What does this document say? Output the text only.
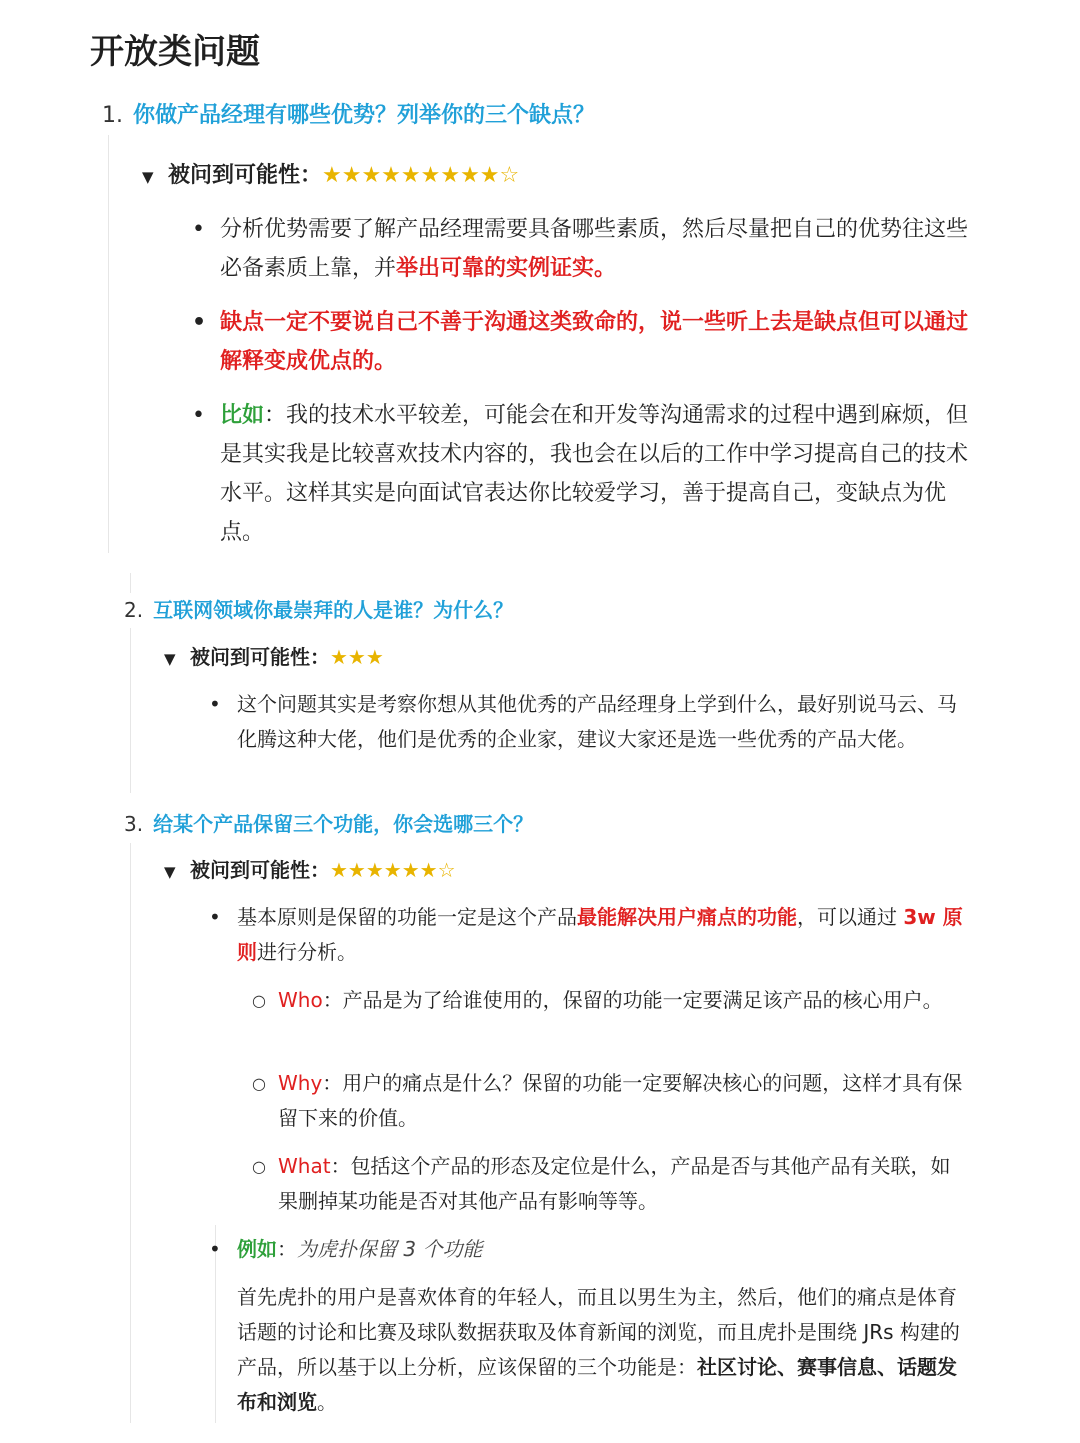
开放类问题
1. 你做产品经理有哪些优势？列举你的三个缺点？
▼ 被问到可能性：★★★★★★★★★☆
• 分析优势需要了解产品经理需要具备哪些素质，然后尽量把自己的优势往这些必备素质上靠，并举出可靠的实例证实。
• 缺点一定不要说自己不善于沟通这类致命的，说一些听上去是缺点但可以通过解释变成优点的。
• 比如：我的技术水平较差，可能会在和开发等沟通需求的过程中遇到麻烦，但是其实我是比较喜欢技术内容的，我也会在以后的工作中学习提高自己的技术水平。这样其实是向面试官表达你比较爱学习，善于提高自己，变缺点为优点。
2. 互联网领域你最崇拜的人是谁？为什么？
▼ 被问到可能性：★★★
• 这个问题其实是考察你想从其他优秀的产品经理身上学到什么，最好别说马云、马化腾这种大佬，他们是优秀的企业家，建议大家还是选一些优秀的产品大佬。
3. 给某个产品保留三个功能，你会选哪三个？
▼ 被问到可能性：★★★★★★☆
• 基本原则是保留的功能一定是这个产品最能解决用户痛点的功能，可以通过 3w 原则进行分析。
○ Who：产品是为了给谁使用的，保留的功能一定要满足该产品的核心用户。
○ Why：用户的痛点是什么？保留的功能一定要解决核心的问题，这样才具有保留下来的价值。
○ What：包括这个产品的形态及定位是什么，产品是否与其他产品有关联，如果删掉某功能是否对其他产品有影响等等。
• 例如：为虎扑保留 3 个功能
首先虎扑的用户是喜欢体育的年轻人，而且以男生为主，然后，他们的痛点是体育话题的讨论和比赛及球队数据获取及体育新闻的浏览，而且虎扑是围绕 JRs 构建的产品，所以基于以上分析，应该保留的三个功能是：社区讨论、赛事信息、话题发布和浏览。
